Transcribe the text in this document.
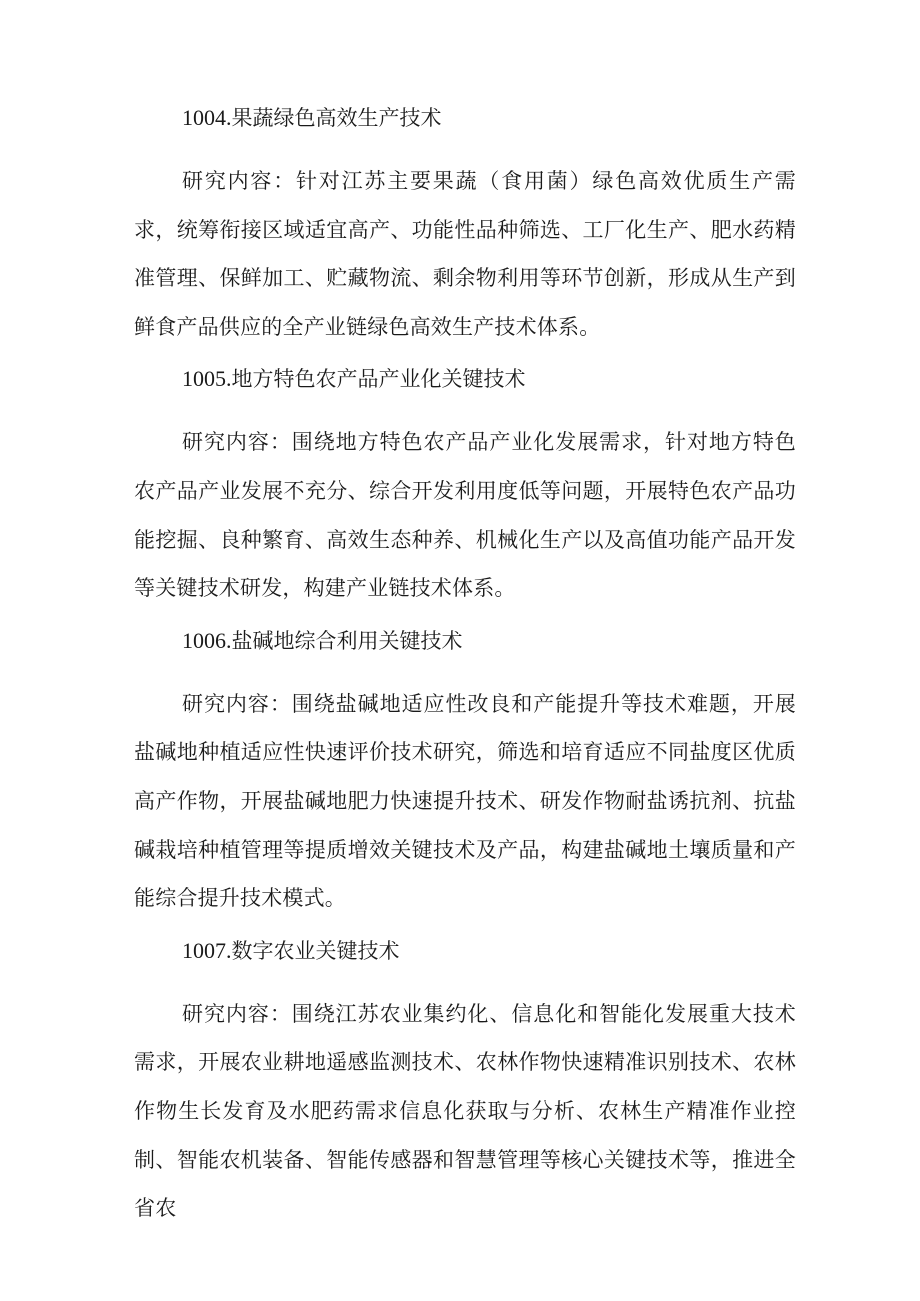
1004.果蔬绿色高效生产技术

研究内容：针对江苏主要果蔬（食用菌）绿色高效优质生产需求，统筹衔接区域适宜高产、功能性品种筛选、工厂化生产、肥水药精准管理、保鲜加工、贮藏物流、剩余物利用等环节创新，形成从生产到鲜食产品供应的全产业链绿色高效生产技术体系。

1005.地方特色农产品产业化关键技术

研究内容：围绕地方特色农产品产业化发展需求，针对地方特色农产品产业发展不充分、综合开发利用度低等问题，开展特色农产品功能挖掘、良种繁育、高效生态种养、机械化生产以及高值功能产品开发等关键技术研发，构建产业链技术体系。

1006.盐碱地综合利用关键技术

研究内容：围绕盐碱地适应性改良和产能提升等技术难题，开展盐碱地种植适应性快速评价技术研究，筛选和培育适应不同盐度区优质高产作物，开展盐碱地肥力快速提升技术、研发作物耐盐诱抗剂、抗盐碱栽培种植管理等提质增效关键技术及产品，构建盐碱地土壤质量和产能综合提升技术模式。

1007.数字农业关键技术

研究内容：围绕江苏农业集约化、信息化和智能化发展重大技术需求，开展农业耕地遥感监测技术、农林作物快速精准识别技术、农林作物生长发育及水肥药需求信息化获取与分析、农林生产精准作业控制、智能农机装备、智能传感器和智慧管理等核心关键技术等，推进全省农
